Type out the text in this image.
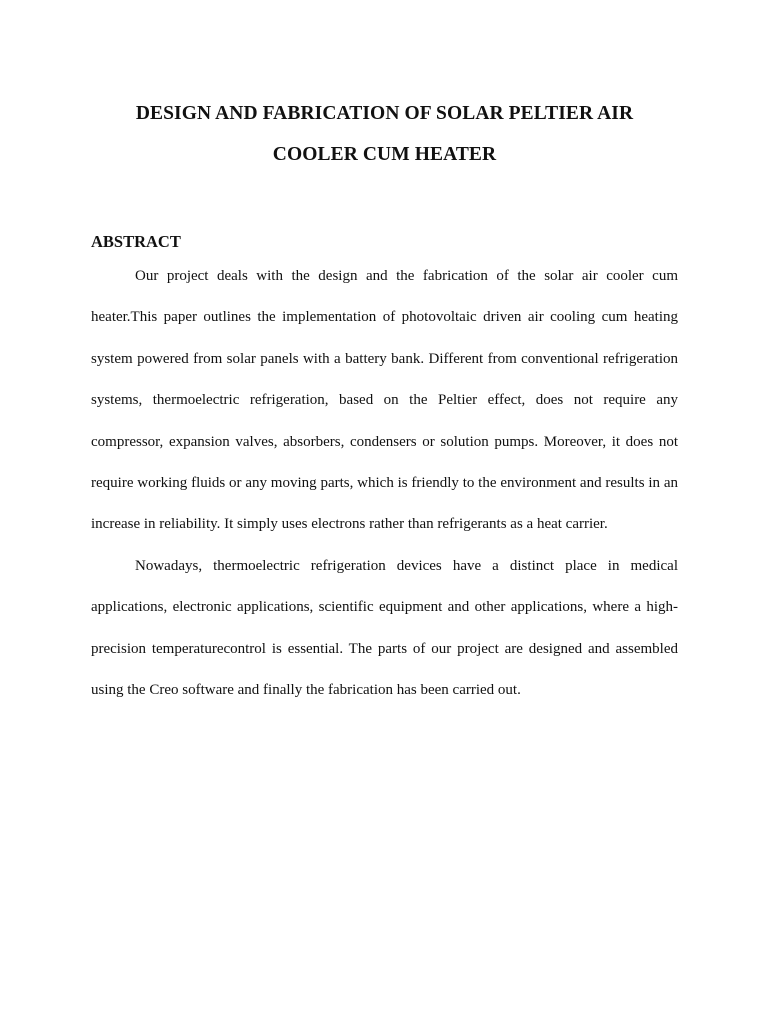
DESIGN AND FABRICATION OF SOLAR PELTIER AIR COOLER CUM HEATER
ABSTRACT

Our project deals with the design and the fabrication of the solar air cooler cum heater.This paper outlines the implementation of photovoltaic driven air cooling cum heating system powered from solar panels with a battery bank. Different from conventional refrigeration systems, thermoelectric refrigeration, based on the Peltier effect, does not require any compressor, expansion valves, absorbers, condensers or solution pumps. Moreover, it does not require working fluids or any moving parts, which is friendly to the environment and results in an increase in reliability. It simply uses electrons rather than refrigerants as a heat carrier.

Nowadays, thermoelectric refrigeration devices have a distinct place in medical applications, electronic applications, scientific equipment and other applications, where a high-precision temperaturecontrol is essential. The parts of our project are designed and assembled using the Creo software and finally the fabrication has been carried out.
